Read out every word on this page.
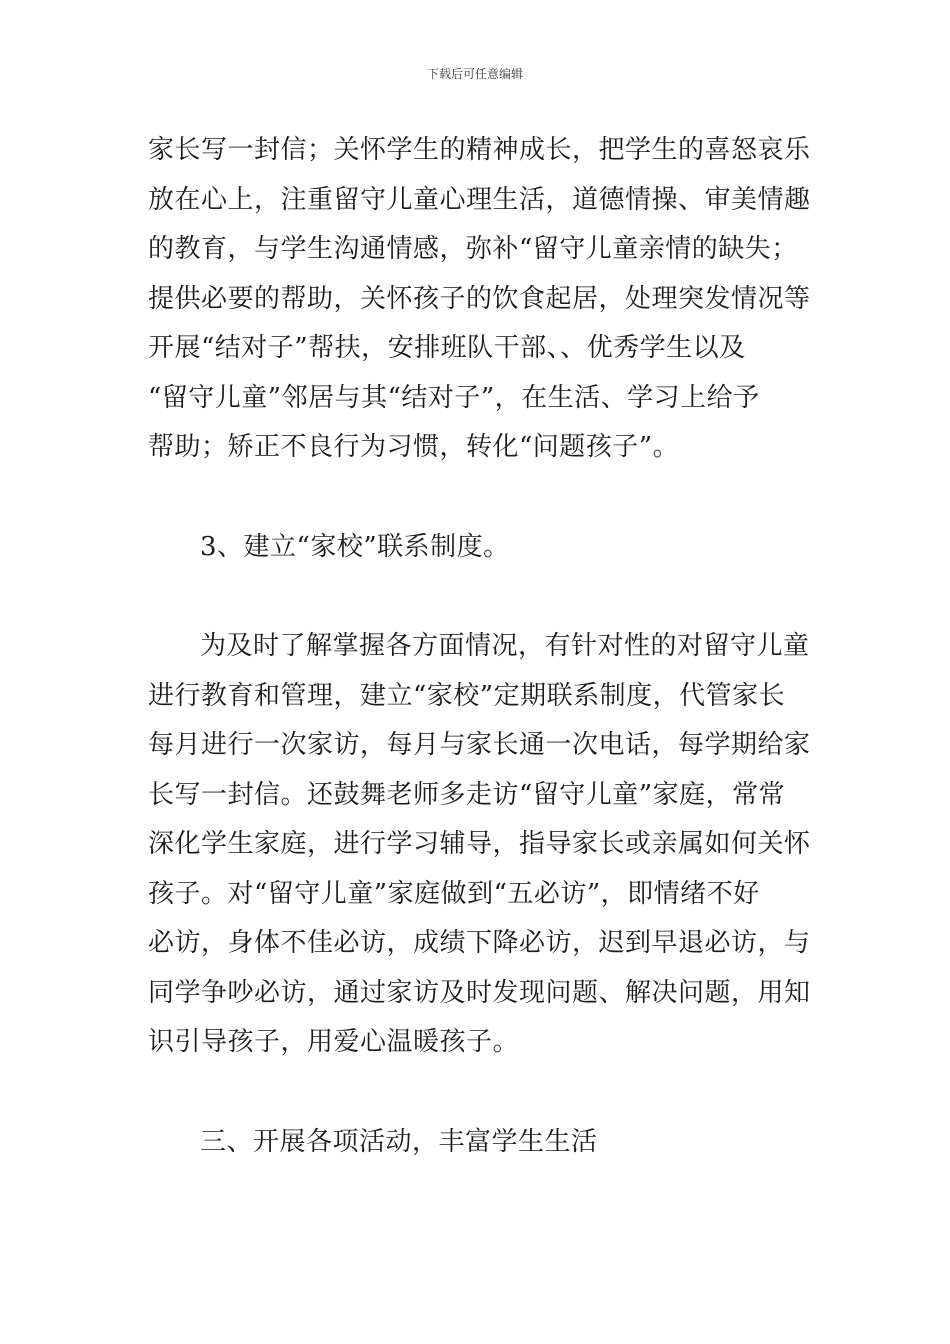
下载后可任意编辑

家长写一封信；关怀学生的精神成长，把学生的喜怒哀乐
放在心上，注重留守儿童心理生活，道德情操、审美情趣
的教育，与学生沟通情感，弥补“留守儿童亲情的缺失；
提供必要的帮助，关怀孩子的饮食起居，处理突发情况等
开展“结对子”帮扶，安排班队干部、、优秀学生以及
“留守儿童”邻居与其“结对子”，在生活、学习上给予
帮助；矫正不良行为习惯，转化“问题孩子”。

3、建立“家校”联系制度。

为及时了解掌握各方面情况，有针对性的对留守儿童
进行教育和管理，建立“家校”定期联系制度，代管家长
每月进行一次家访，每月与家长通一次电话，每学期给家
长写一封信。还鼓舞老师多走访“留守儿童”家庭，常常
深化学生家庭，进行学习辅导，指导家长或亲属如何关怀
孩子。对“留守儿童”家庭做到“五必访”，即情绪不好
必访，身体不佳必访，成绩下降必访，迟到早退必访，与
同学争吵必访，通过家访及时发现问题、解决问题，用知
识引导孩子，用爱心温暖孩子。

三、开展各项活动，丰富学生生活
